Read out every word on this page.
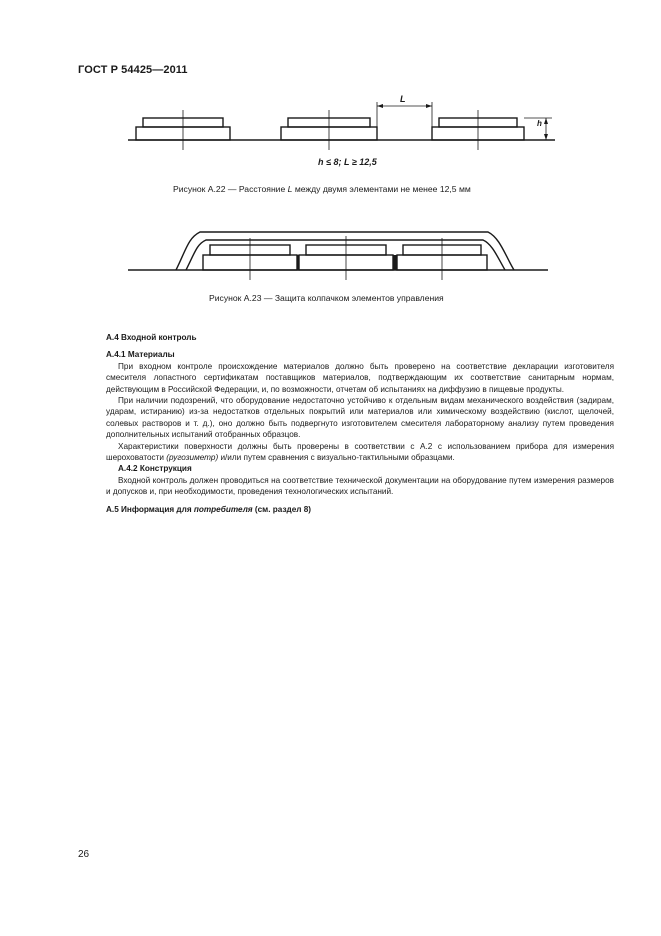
ГОСТ Р 54425—2011
L
h
h ≤ 8; L ≥ 12,5
Рисунок А.22 — Расстояние L между двумя элементами не менее 12,5 мм
Рисунок А.23 — Защита колпачком элементов управления

А.4 Входной контроль

А.4.1 Материалы

При входном контроле происхождение материалов должно быть проверено на соответствие декларации изготовителя смесителя лопастного сертификатам поставщиков материалов, подтверждающим их соответствие санитарным нормам, действующим в Российской Федерации, и, по возможности, отчетам об испытаниях на диффузию в пищевые продукты.

При наличии подозрений, что оборудование недостаточно устойчиво к отдельным видам механического воздействия (задирам, ударам, истиранию) из-за недостатков отдельных покрытий или материалов или химическому воздействию (кислот, щелочей, солевых растворов и т. д.), оно должно быть подвергнуто изготовителем смесителя лабораторному анализу путем проведения дополнительных испытаний отобранных образцов.

Характеристики поверхности должны быть проверены в соответствии с А.2 с использованием прибора для измерения шероховатости (ругозиметр) и/или путем сравнения с визуально-тактильными образцами.

А.4.2 Конструкция

Входной контроль должен проводиться на соответствие технической документации на оборудование путем измерения размеров и допусков и, при необходимости, проведения технологических испытаний.

А.5 Информация для потребителя (см. раздел 8)

26
